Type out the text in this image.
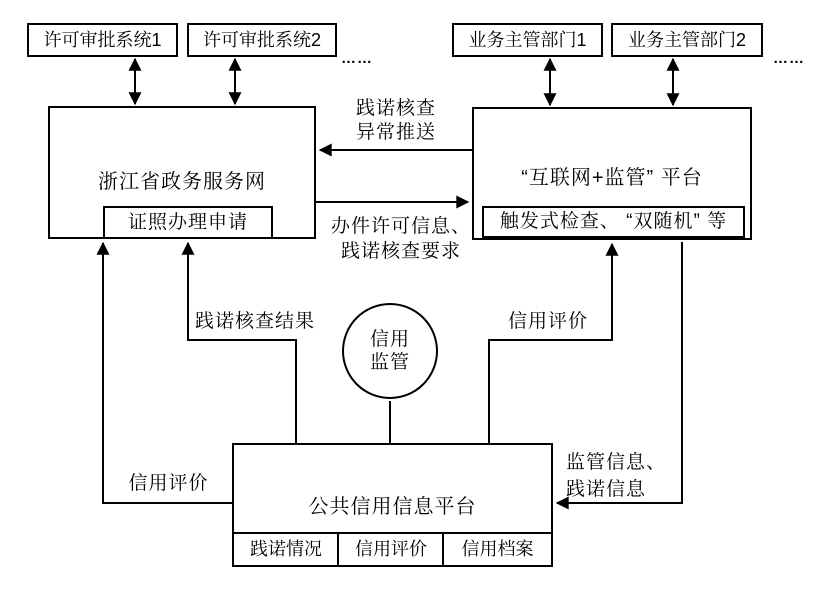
许可审批系统1 许可审批系统2
……
业务主管部门1 业务主管部门2
……
浙江省政务服务网
证照办理申请
“互联网+监管” 平台
触发式检查、 “双随机” 等
信用
监管
公共信用信息平台
践诺情况 信用评价 信用档案
践诺核查
异常推送
办件许可信息、
践诺核查要求
践诺核查结果
信用评价
信用评价
监管信息、
践诺信息
